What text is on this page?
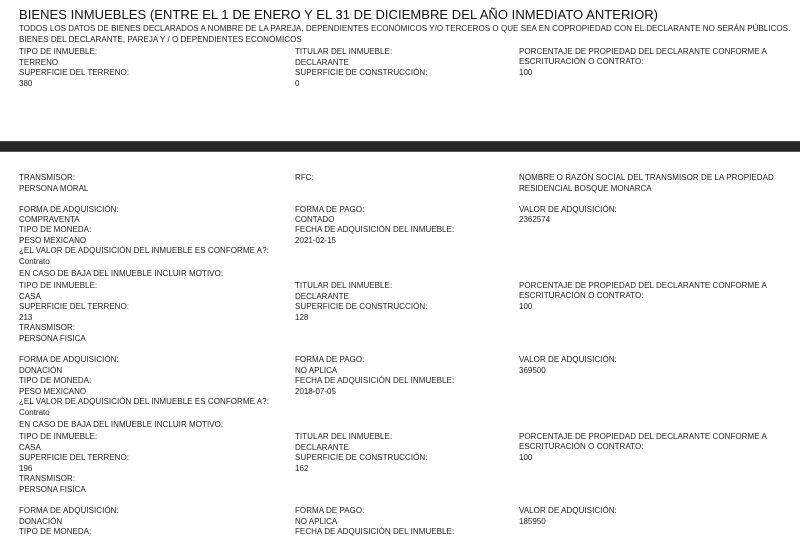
BIENES INMUEBLES (ENTRE EL 1 DE ENERO Y EL 31 DE DICIEMBRE DEL AÑO INMEDIATO ANTERIOR)
TODOS LOS DATOS DE BIENES DECLARADOS A NOMBRE DE LA PAREJA, DEPENDIENTES ECONÓMICOS Y/O TERCEROS O QUE SEA EN COPROPIEDAD CON EL DECLARANTE NO SERÁN PÚBLICOS.
BIENES DEL DECLARANTE, PAREJA Y / O DEPENDIENTES ECONÓMICOS
TIPO DE INMUEBLE:
TERRENO
SUPERFICIE DEL TERRENO:
380
TITULAR DEL INMUEBLE:
DECLARANTE
SUPERFICIE DE CONSTRUCCIÓN:
0
PORCENTAJE DE PROPIEDAD DEL DECLARANTE CONFORME A ESCRITURACIÓN O CONTRATO:
100
TRANSMISOR:
PERSONA MORAL
RFC:	NOMBRE O RAZÓN SOCIAL DEL TRANSMISOR DE LA PROPIEDAD
RESIDENCIAL BOSQUE MONARCA
FORMA DE ADQUISICIÓN:
COMPRAVENTA
TIPO DE MONEDA:
PESO MEXICANO
¿EL VALOR DE ADQUISICIÓN DEL INMUEBLE ES CONFORME A?:
Contrato
EN CASO DE BAJA DEL INMUEBLE INCLUIR MOTIVO:
FORMA DE PAGO:
CONTADO
FECHA DE ADQUISICIÓN DEL INMUEBLE:
2021-02-15
VALOR DE ADQUISICIÓN:
2362574
TIPO DE INMUEBLE:
CASA
SUPERFICIE DEL TERRENO:
213
TRANSMISOR:
PERSONA FISICA
TITULAR DEL INMUEBLE:
DECLARANTE
SUPERFICIE DE CONSTRUCCIÓN:
128
PORCENTAJE DE PROPIEDAD DEL DECLARANTE CONFORME A ESCRITURACIÓN O CONTRATO:
100
FORMA DE ADQUISICIÓN:
DONACIÓN
TIPO DE MONEDA:
PESO MEXICANO
¿EL VALOR DE ADQUISICIÓN DEL INMUEBLE ES CONFORME A?:
Contrato
EN CASO DE BAJA DEL INMUEBLE INCLUIR MOTIVO:
FORMA DE PAGO:
NO APLICA
FECHA DE ADQUISICIÓN DEL INMUEBLE:
2018-07-05
VALOR DE ADQUISICIÓN:
369500
TIPO DE INMUEBLE:
CASA
SUPERFICIE DEL TERRENO:
196
TRANSMISOR:
PERSONA FISICA
TITULAR DEL INMUEBLE:
DECLARANTE
SUPERFICIE DE CONSTRUCCIÓN:
162
PORCENTAJE DE PROPIEDAD DEL DECLARANTE CONFORME A ESCRITURACIÓN O CONTRATO:
100
FORMA DE ADQUISICIÓN:
DONACIÓN
TIPO DE MONEDA:
FORMA DE PAGO:
NO APLICA
FECHA DE ADQUISICIÓN DEL INMUEBLE:
VALOR DE ADQUISICIÓN:
185950
